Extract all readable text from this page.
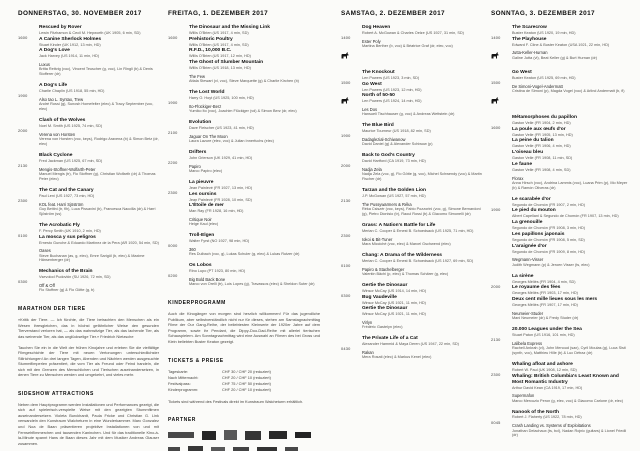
DONNERSTAG, 30. NOVEMBER 2017
1600
Rescued by Rover
Lewin Fitzhamon & Cecil M. Hepworth (UK 1905, 6 min, SD)
A Canine Sherlock Holmes
Stuart Kinder (UK 1912, 13 min, HD)
A Dog's Love
Jack Harvey (US 1914, 11 min, HD)
Luxus
Britta Rettvig (voc), Vincent Teuscher (g, voc), Lin Ringli (b) & Denis Stofferer (dr)
1900
A Dog's Life
Charlie Chaplin (US 1918, 55 min, HD)
Also tao L. Syntax, Trew
André Rossi (g), Sunosh Homefelter (elec) & Tracy September (voc, elec)
2000
Clash of the Wolves
Noel M. Smith (US 1925, 74 min, SD)
Verena von Horsten
Verena von Horsten (voc, keys), Rodrigo Aravena (b) & Simon Betz (dr, elec)
2130
Black Cyclone
Fred Jackman (US 1925, 67 min, SD)
Mengis-Stoffner-Wolfarth-Peter
Manuel Mengis (tr), Flo Stoffner (g), Christian Wolfarth (dr) & Thomas Peter (elec)
2300
The Cat and the Canary
Paul Leni (US 1927, 73 min, HD)
KOL feat. Harri Sjöström
Guy Bettini (tr, flh), Luca Pissavini (b), Francesca Naccilla (dr) & Harri Sjöström (ss)
0100
The Acrobatic Fly
F. Percy Smith (UK 1910, 2 min, HD)
La mosca y sus peligros
Ernesto Gunche & Eduardo Martínez de la Pera (AR 1920, 54 min, SD)
Oases
Steve Buchanan (as, g, elec), Emre Sarigöl (b, elec) & Maxime Hänsenberger (dr)
0300
Mechanics of the Brain
Vsevolod Pudovkin (SU 1926, 72 min, SD)
Off & Off
Flo Stoffner (g) & Flo Götte (g, b)
MARATHON DER TIERE
«Kritik der Tiere. — Ich fürchte, die Tiere betrachten den Menschen als ein Wesen ihresgleichen, das in höchst gefährlicher Weise den gesunden Tierverstand verloren hat, — als das wahnwitzige Tier, als das lachende Tier, als das weinende Tier, als das unglückselige Tier.» Friedrich Nietzsche
Tauchen Sie ein in die Welt der frühen Kinojahre und erleben Sie die vielfältige Filmgeschichte der Tiere mit neuen Vertonungen unterschiedlichster Stilrichtungen! An drei langen Tagen, Abenden und Nächten werden ausgesuchte Stummfilmperlen präsentiert, die vom Tier als Freund oder Feind handeln, die sich mit den Grenzen des Menschlichen und Tierischen auseinandersetzen, in denen Tiere zu Menschen werden und umgekehrt, und vieles mehr.
SIDESHOW ATTRACTIONS
Neben dem Hauptprogramm werden Installationen und Performances gezeigt, die sich auf spielerisch-verspielte Weise mit den gezeigten Stummfilmen auseinandersetzen. Violeta Burckhardt, Paula Fricke und Christian G. Link verwandeln den Kunstraum Walcheturm in eine Wunderkammer. Marc Gonzalez und Noa de Baan präsentieren projektive Installationen von und mit Fernsehflimmerchen und tausenden Kaninchen. Und für das traditionelle Kino-à-la-Minute spannt Hans de Baan dieses Jahr mit dem Musiker Andreas Glauser zusammen.
FREITAG, 1. DEZEMBER 2017
1600
The Dinosaur and the Missing Link
Willis O'Brien (US 1917, 4 min, SD)
Prehistoric Poultry
Willis O'Brien (US 1917, 4 min, SD)
R.F.D., 10,000 B.C.
Willis O'Brien (US 1917, 12 min, HD)
The Ghost of Slumber Mountain
Willis O'Brien (US 1918, 13 min, HD)
The Few
Attala Stewart (vl, voc), Steve Marquette (g) & Charlie Kirchen (b)
1900
The Lost World
Harry O. Hoyt (US 1925, 100 min, HD)
Ito-Flückiger-Berz
Yumiko Ito (voc), Joachim Flückiger (vd) & Simon Berz (dr, elec)
2100
Evolution
Dave Fleischer (US 1923, 41 min, HD)
Jaguar On The Moon
Laura Lazure (elec, voc) & Julian Innerfuchs (elec)
2200
Drifters
John Grierson (UK 1929, 41 min, HD)
Papiro
Marco Papiro (elec)
2300
La pieuvre
Jean Painlevé (FR 1927, 13 min, HD)
Les oursins
Jean Painlevé (FR 1928, 10 min, SD)
L'Étoile de mer
Man Ray (FR 1928, 16 min, HD)
Critique Noir
Helge Kaul (elec)
0000
Troll-Elgen
Walter Fyrst (NO 1927, 98 min, HD)
360
Res Dulbach (voc, g), Lukas Schuler (g, elec) & Lukas Rutzer (dr)
0200
Os Lobos
Rino Lupo (PT 1923, 80 min, HD)
Big Bold Back Bone
Marco von Orelli (tr), Luís Lopes (g), Travassos (elec) & Sheldon Suter (dr)
KINDERPROGRAMM
Auch die Kinogänger von morgen sind herzlich willkommen! Für das jugendliche Publikum, aber selbstverständlich nicht nur für dieses, stehen am Samstagnachmittag Filme der Our Gang-Reihe, der beliebtesten Kleinserie der 1920er Jahre auf dem Programm, sowie ihr Pendant, die Dippy-Doo-Dad-Reihe mit allerlei tierischen Schauspielern. Am Sonntagnachmittag wird eine Auswahl an Filmen des bei Gross und Klein beliebten Buster Keaton gezeigt.
TICKETS & PREISE
Tageskarte:	CHF 30 / CHF 20 (reduziert)
Nach Mitternacht:	CHF 20 / CHF 10 (reduziert)
Festivalpass:	CHF 75 / CHF 50 (reduziert)
Kinderprogramm:	CHF 20 / CHF 10 (reduziert)
Tickets sind während des Festivals direkt im Kunstraum Walcheturm erhältlich.
PARTNER
SAMSTAG, 2. DEZEMBER 2017
1400
Dog Heaven
Robert A. McGowan & Charles Oelze (US 1927, 31 min, SD)
Ester Poly
Martina Berther (b, voc) & Béatrice Graf (dr, elec, voc)
1500
The Knockout
Len Powers (US 1923, 3 min, SD)
Go West
Len Powers (US 1923, 12 min, HD)
North of 50-50
Len Powers (US 1924, 14 min, HD)
Les Dos
Hansueli Tischhauser (g, voc) & Andreas Wettstein (dr)
1900
The Blue Bird
Maurice Tourneur (US 1918, 82 min, SD)
Dadaglezial-Schiwanow
David Daniel (g) & Alexander Schiwow (p)
2000
Back to God's Country
David Hartford (CA 1919, 73 min, HD)
Nadja Zela
Nadja Zela (voc, g), Flo Götte (g, voc), Michel Schwendy (voc) & Martin Fischer (dr)
2130
Tarzan and the Golden Lion
J.P. McGowan (US 1927, 57 min, HD)
The Pussywarmers & Réka
Réka Csiszér (voc, keys), Fabio Pozzorini (voc, g), Simone Bernardoni (g), Pietro Dionisio (tr), Raoul Rossi (b) & Giacomo Simonelli (dr)
2300
Grass: A Nation's Battle for Life
Merian C. Cooper & Ernest B. Schoedsack (US 1925, 71 min, HD)
Iokoi & Bit-Tuner
Mara Miccichè (voc, elec) & Marcel Gschwend (elec)
0100
Chang: A Drama of the Wilderness
Merian C. Cooper & Ernest B. Schoedsack (US 1927, 69 min, SD)
Papiro & Stachelberger
Valentin Bächi (p, elec) & Thomas Schärer (g, elec)
0300
Gertie the Dinosaur
Winsor McCay (US 1914, 14 min, HD)
Bug Vaudeville
Winsor McCay (US 1921, 11 min, HD)
Gertie the Dinosaur
Winsor McCay (US 1921, 11 min, HD)
Virlyn
Frédéric Gastelyn (elec)
0430
The Private Life of a Cat
Alexander Hammid & Maya Deren (US 1947, 22 min, SD)
Rakan
Mera Rosati (elec) & Markus Kenel (elec)
SONNTAG, 3. DEZEMBER 2017
1400
The Scarecrow
Buster Keaton (US 1920, 19 min, HD)
The Playhouse
Edward F. Cline & Buster Keaton (USA 1921, 22 min, HD)
Jutta-Keller-Hurnan
Galine Jutta (vl), Beat Keller (g) & Burt Hurnan (dr)
1500
Go West
Buster Keaton (US 1925, 69 min, HD)
De Simoni-Vogel-Andermatt
Cristina de Simoni (p), Magda Vogel (voc) & Arlind Andermatt (b, fl)
1600
Métamorphoses du papillon
Gaston Velle (FR 1904, 2 min, HD)
La poule aux œufs d'or
Gaston Velle (FR 1905, 13 min, HD)
La peine du talion
Gaston Velle (FR 1906, 4 min, HD)
L'oiseau bleu
Gaston Velle (FR 1908, 11 min, SD)
Le faune
Gaston Velle (FR 1908, 4 min, SD)
Florax
Anna Hirsch (voc), Andrina Lammis (voc), Luana Prim (p), Mo Meyer (b) & Ramón Oliveras (dr)
1900
Le scarabée d'or
Segundo de Chomón (FR 1907, 2 min, HD)
Le pied du mouton
Albert Capellani & Segundo de Chomón (FR 1907, 13 min, HD)
La grenouille
Segundo de Chomón (FR 1908, 3 min, HD)
Les papillons japonais
Segundo de Chomón (FR 1908, 5 min, SD)
L'araignée d'or
Segundo de Chomón (FR 1909, 8 min, HD)
Wegmann-Visser
Judith Wegmann (p) & Jeroen Visser (ts, elec)
2000
La sirène
Georges Méliès (FR 1904, 4 min, SD)
Le royaume des fées
Georges Méliès (FR 1903, 17 min, HD)
Deux cent mille lieues sous les mers
Georges Méliès (FR 1907, 17 min, HD)
Neumeier-Studer
Mani Neumeier (dr) & Fredy Studer (dr)
2130
20.000 Leagues under the Sea
Stuart Paton (US 1916, 101 min, HD)
Lalibela Express
Rachell Ankrah (vl), John Menoud (sax), Cyril Moulas (g), Luca Sisti (synth, voc), Matthieu Hille (b) & Luc Détraz (dr)
2300
Whaling afloat and ashore
Robert W. Paul (UK 1908, 12 min, SD)
Whaling: British Columbia's Least Known and Most Romantic Industry
Arthur David Kean (CA 1919, 17 min, HD)
Supermafon
Marco Mercuzio Peron (g, elec, voc) & Giacomo Carlone (dr, elec)
0045
Nanook of the North
Robert J. Flaherty (US 1922, 78 min, HD)
Crash Landing vs. Systems of Exploitations
Jonathan Delachaux (ts, bcl), Nadan Rojnic (guitars) & Lionel Friedli (dr)
